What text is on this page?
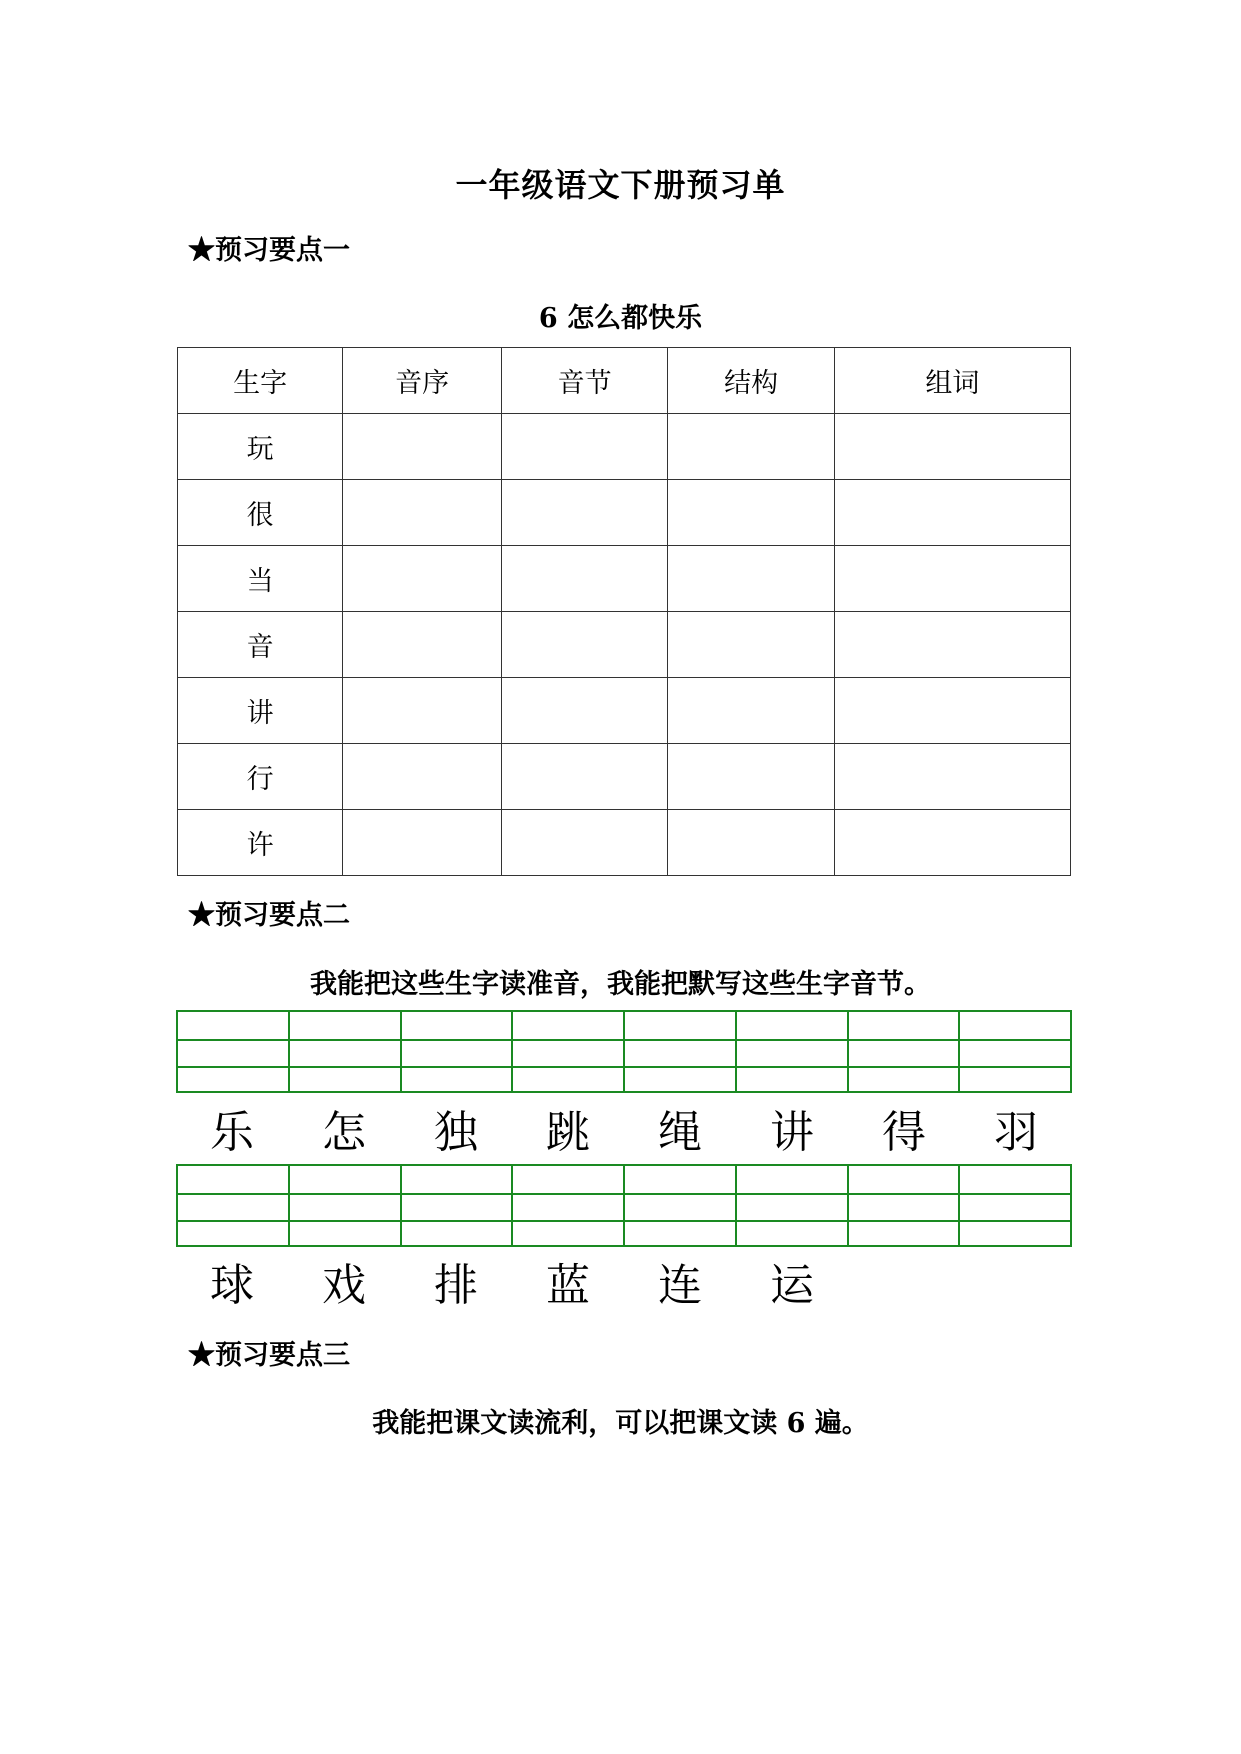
一年级语文下册预习单
★预习要点一
6 怎么都快乐
生字	音序	音节	结构	组词
玩				
很				
当				
音				
讲				
行				
许				
★预习要点二
我能把这些生字读准音，我能把默写这些生字音节。
乐	怎	独	跳	绳	讲	得	羽
球	戏	排	蓝	连	运
★预习要点三
我能把课文读流利，可以把课文读 6 遍。
